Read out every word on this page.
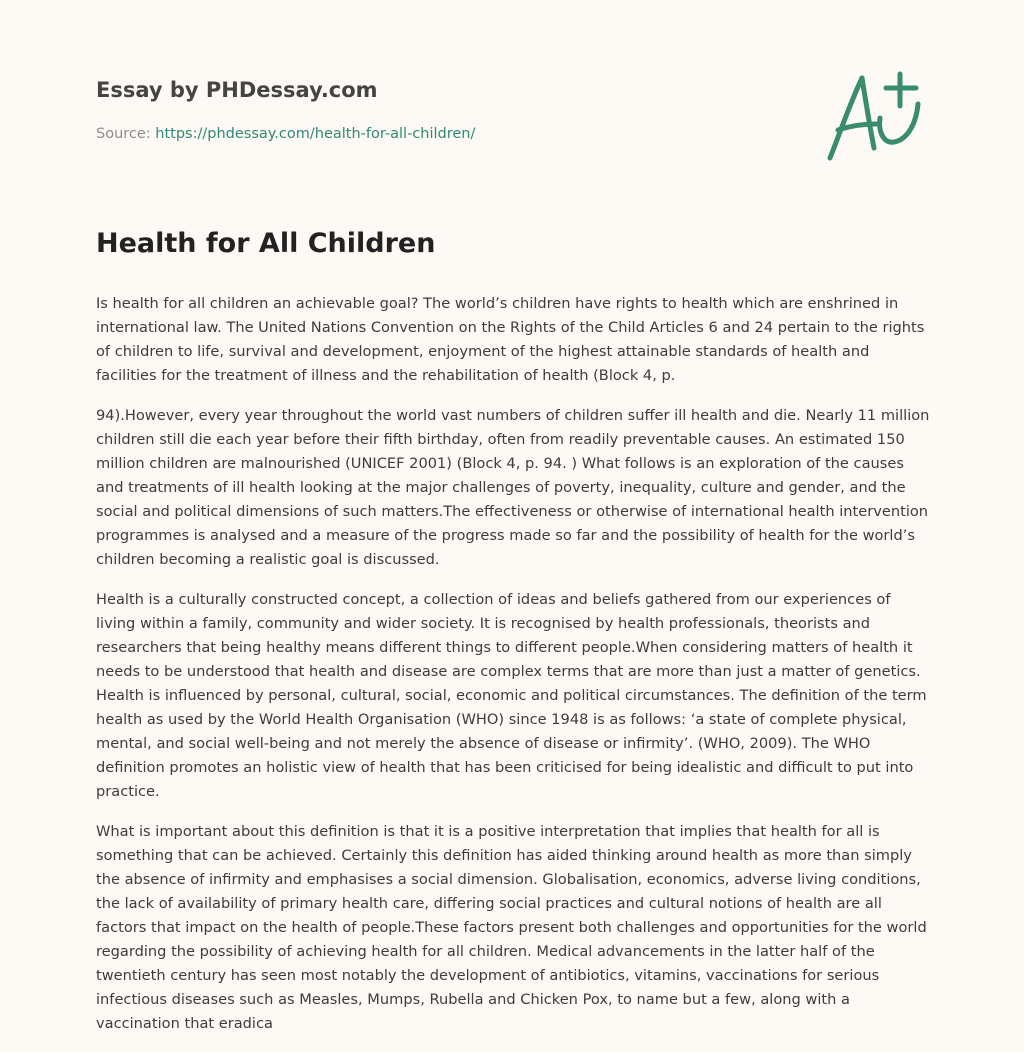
Essay by PHDessay.com
Source: https://phdessay.com/health-for-all-children/
Health for All Children

Is health for all children an achievable goal? The world’s children have rights to health which are enshrined in international law. The United Nations Convention on the Rights of the Child Articles 6 and 24 pertain to the rights of children to life, survival and development, enjoyment of the highest attainable standards of health and facilities for the treatment of illness and the rehabilitation of health (Block 4, p.

94).However, every year throughout the world vast numbers of children suffer ill health and die. Nearly 11 million children still die each year before their fifth birthday, often from readily preventable causes. An estimated 150 million children are malnourished (UNICEF 2001) (Block 4, p. 94. ) What follows is an exploration of the causes and treatments of ill health looking at the major challenges of poverty, inequality, culture and gender, and the social and political dimensions of such matters.The effectiveness or otherwise of international health intervention programmes is analysed and a measure of the progress made so far and the possibility of health for the world’s children becoming a realistic goal is discussed.

Health is a culturally constructed concept, a collection of ideas and beliefs gathered from our experiences of living within a family, community and wider society. It is recognised by health professionals, theorists and researchers that being healthy means different things to different people.When considering matters of health it needs to be understood that health and disease are complex terms that are more than just a matter of genetics. Health is influenced by personal, cultural, social, economic and political circumstances. The definition of the term health as used by the World Health Organisation (WHO) since 1948 is as follows: ‘a state of complete physical, mental, and social well-being and not merely the absence of disease or infirmity’. (WHO, 2009). The WHO definition promotes an holistic view of health that has been criticised for being idealistic and difficult to put into practice.

What is important about this definition is that it is a positive interpretation that implies that health for all is something that can be achieved. Certainly this definition has aided thinking around health as more than simply the absence of infirmity and emphasises a social dimension. Globalisation, economics, adverse living conditions, the lack of availability of primary health care, differing social practices and cultural notions of health are all factors that impact on the health of people.These factors present both challenges and opportunities for the world regarding the possibility of achieving health for all children. Medical advancements in the latter half of the twentieth century has seen most notably the development of antibiotics, vitamins, vaccinations for serious infectious diseases such as Measles, Mumps, Rubella and Chicken Pox, to name but a few, along with a vaccination that eradica
